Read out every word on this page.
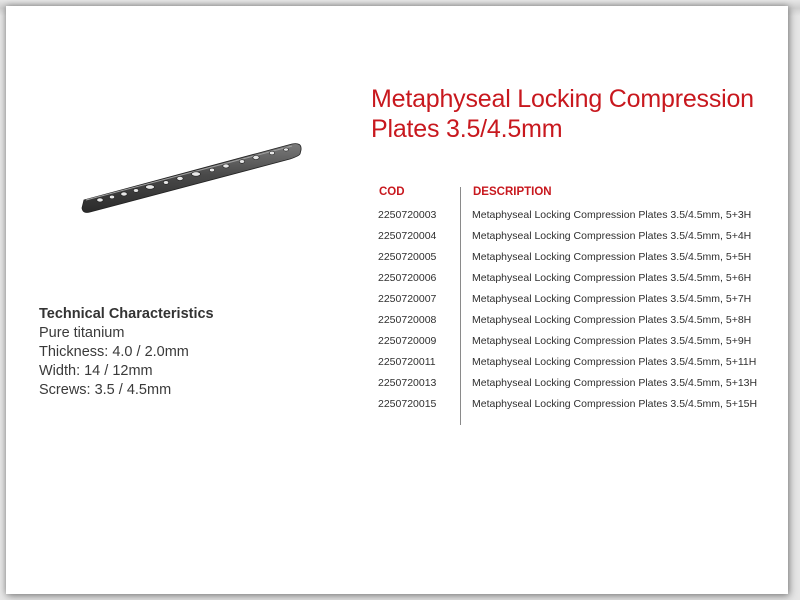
Technical Characteristics
Pure titanium
Thickness: 4.0 / 2.0mm
Width: 14 / 12mm
Screws: 3.5 / 4.5mm
Metaphyseal Locking Compression Plates 3.5/4.5mm
COD	DESCRIPTION
2250720003	Metaphyseal Locking Compression Plates 3.5/4.5mm, 5+3H
2250720004	Metaphyseal Locking Compression Plates 3.5/4.5mm, 5+4H
2250720005	Metaphyseal Locking Compression Plates 3.5/4.5mm, 5+5H
2250720006	Metaphyseal Locking Compression Plates 3.5/4.5mm, 5+6H
2250720007	Metaphyseal Locking Compression Plates 3.5/4.5mm, 5+7H
2250720008	Metaphyseal Locking Compression Plates 3.5/4.5mm, 5+8H
2250720009	Metaphyseal Locking Compression Plates 3.5/4.5mm, 5+9H
2250720011	Metaphyseal Locking Compression Plates 3.5/4.5mm, 5+11H
2250720013	Metaphyseal Locking Compression Plates 3.5/4.5mm, 5+13H
2250720015	Metaphyseal Locking Compression Plates 3.5/4.5mm, 5+15H
